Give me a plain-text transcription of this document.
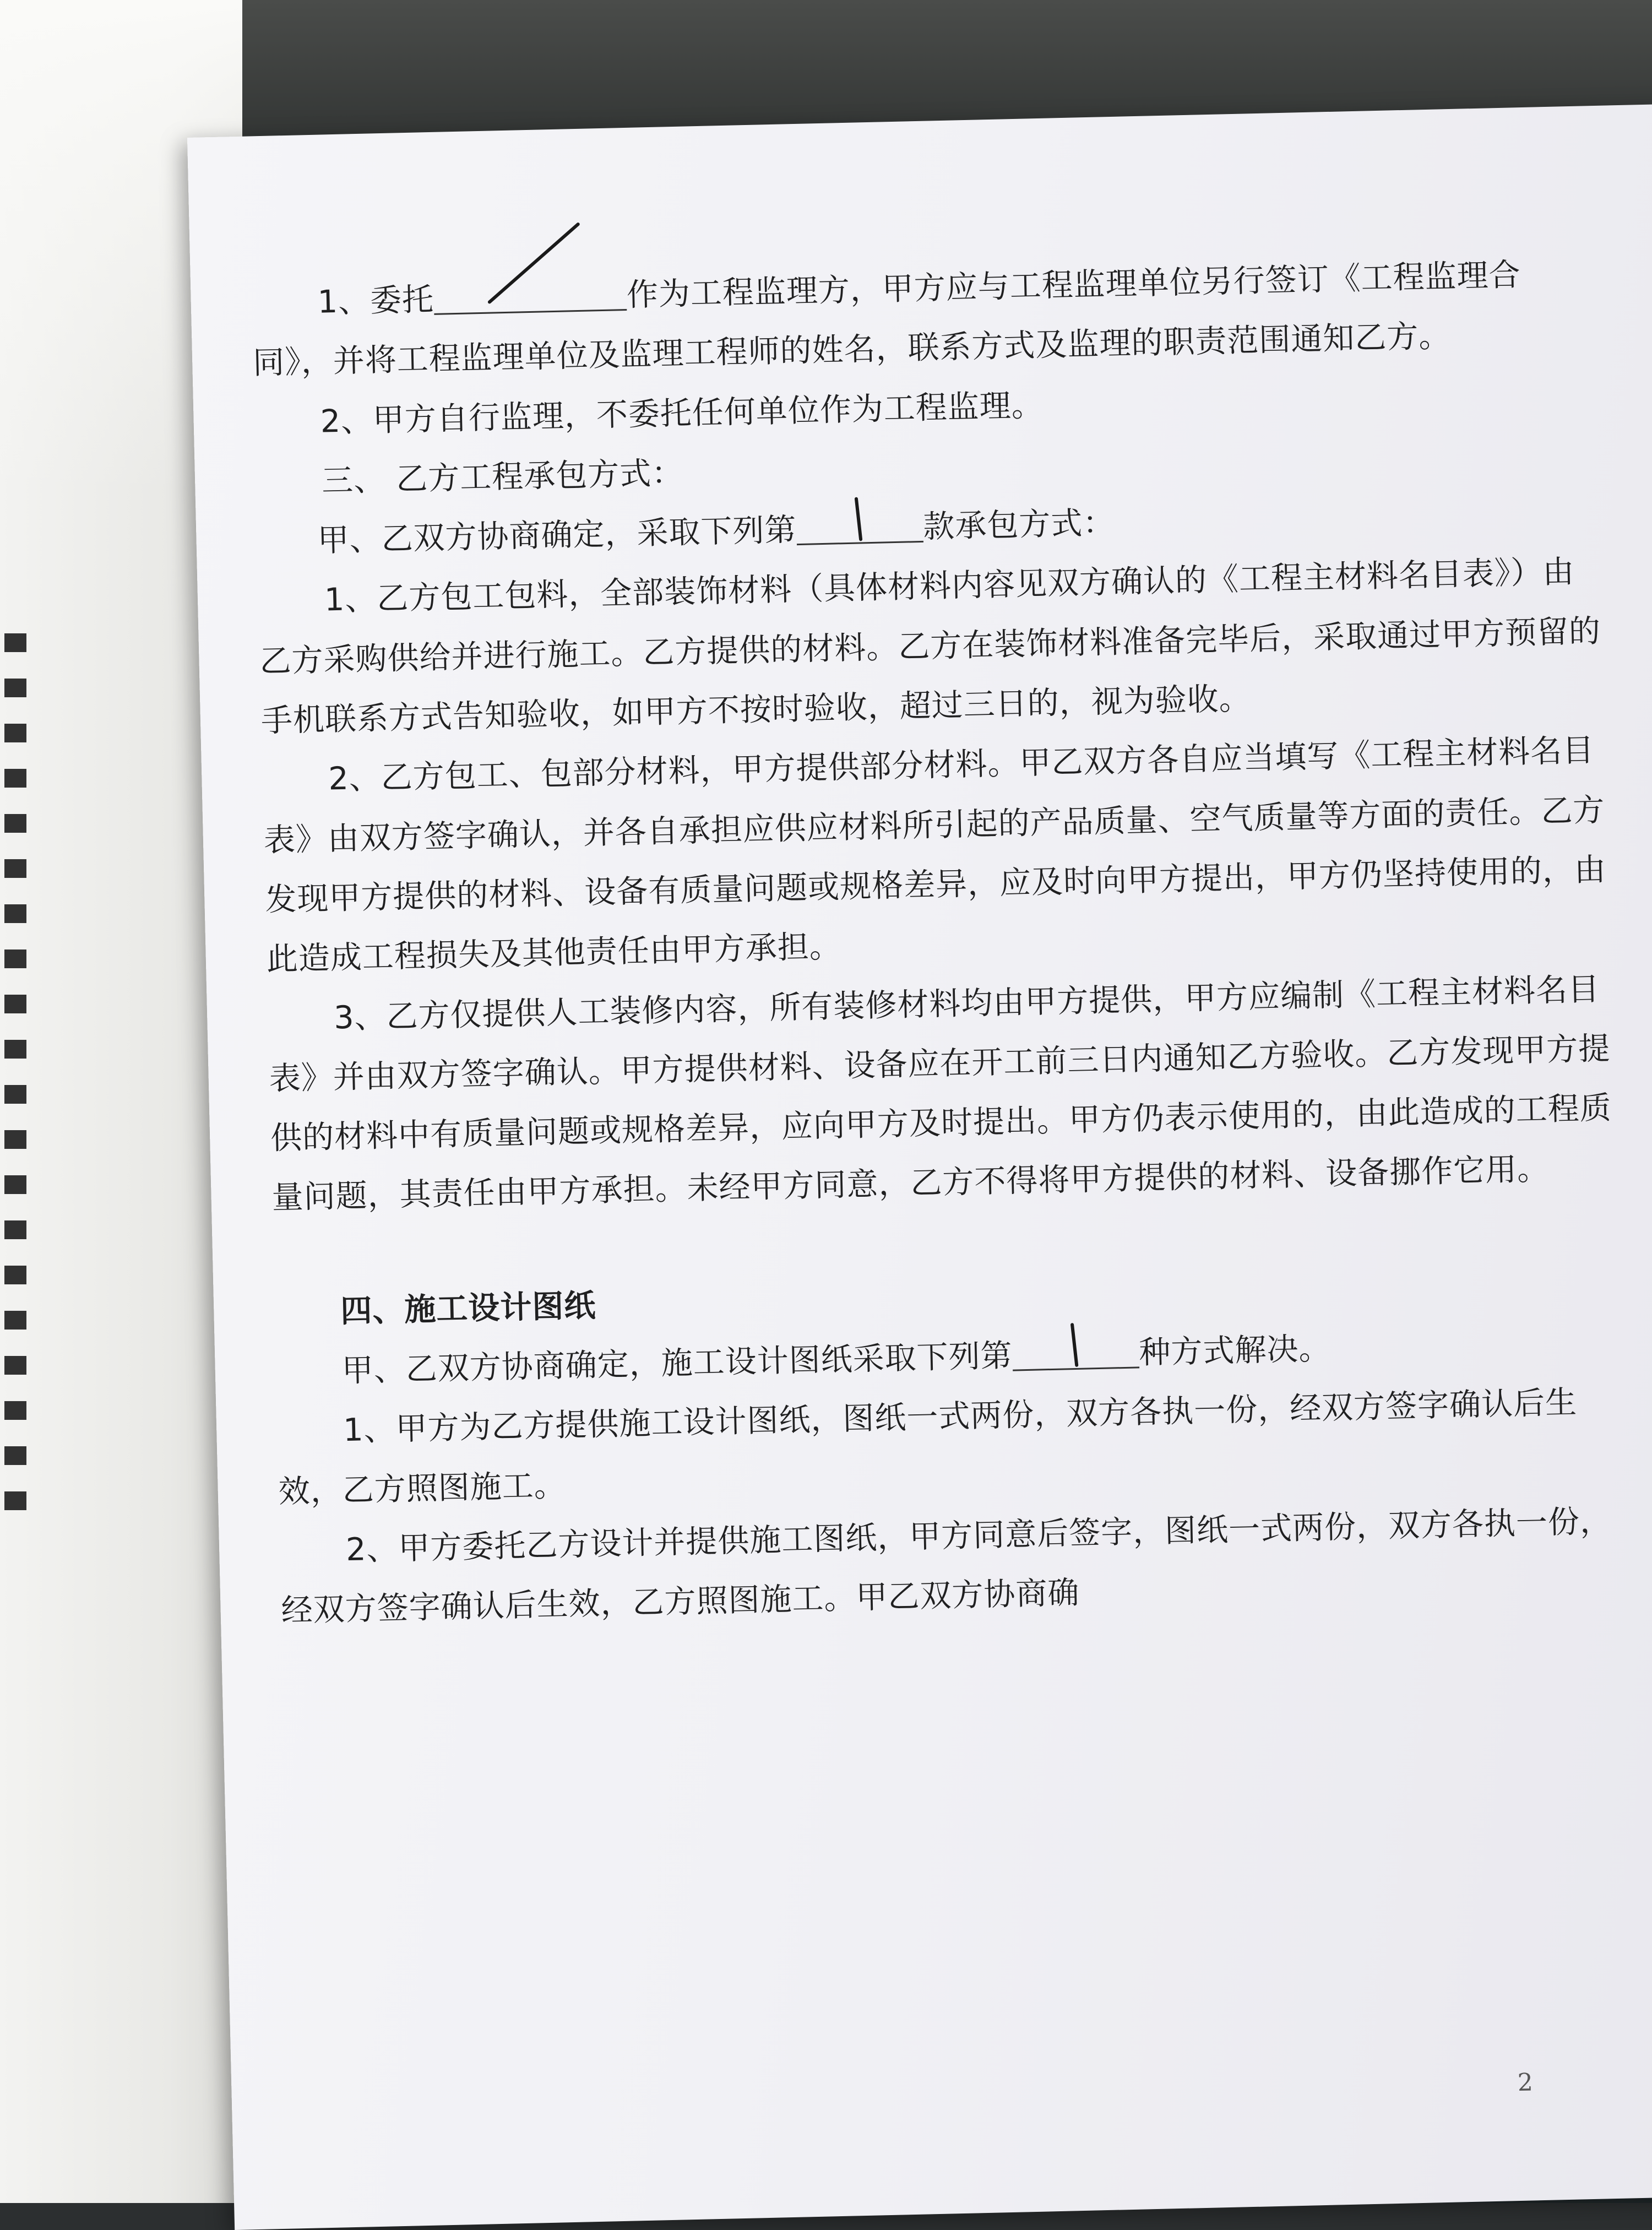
1、委托	作为工程监理方，甲方应与工程监理单位另行签订《工程监理合同》，并将工程监理单位及监理工程师的姓名，联系方式及监理的职责范围通知乙方。

2、甲方自行监理，不委托任何单位作为工程监理。

三、 乙方工程承包方式：

甲、乙双方协商确定，采取下列第	款承包方式：

1、乙方包工包料，全部装饰材料（具体材料内容见双方确认的《工程主材料名目表》）由乙方采购供给并进行施工。乙方提供的材料。乙方在装饰材料准备完毕后，采取通过甲方预留的手机联系方式告知验收，如甲方不按时验收，超过三日的，视为验收。

2、乙方包工、包部分材料，甲方提供部分材料。甲乙双方各自应当填写《工程主材料名目表》由双方签字确认，并各自承担应供应材料所引起的产品质量、空气质量等方面的责任。乙方发现甲方提供的材料、设备有质量问题或规格差异，应及时向甲方提出，甲方仍坚持使用的，由此造成工程损失及其他责任由甲方承担。

3、乙方仅提供人工装修内容，所有装修材料均由甲方提供，甲方应编制《工程主材料名目表》并由双方签字确认。甲方提供材料、设备应在开工前三日内通知乙方验收。乙方发现甲方提供的材料中有质量问题或规格差异，应向甲方及时提出。甲方仍表示使用的，由此造成的工程质量问题，其责任由甲方承担。未经甲方同意，乙方不得将甲方提供的材料、设备挪作它用。

四、施工设计图纸

甲、乙双方协商确定，施工设计图纸采取下列第	种方式解决。

1、甲方为乙方提供施工设计图纸，图纸一式两份，双方各执一份，经双方签字确认后生效，乙方照图施工。

2、甲方委托乙方设计并提供施工图纸，甲方同意后签字，图纸一式两份，双方各执一份，经双方签字确认后生效，乙方照图施工。甲乙双方协商确

2
